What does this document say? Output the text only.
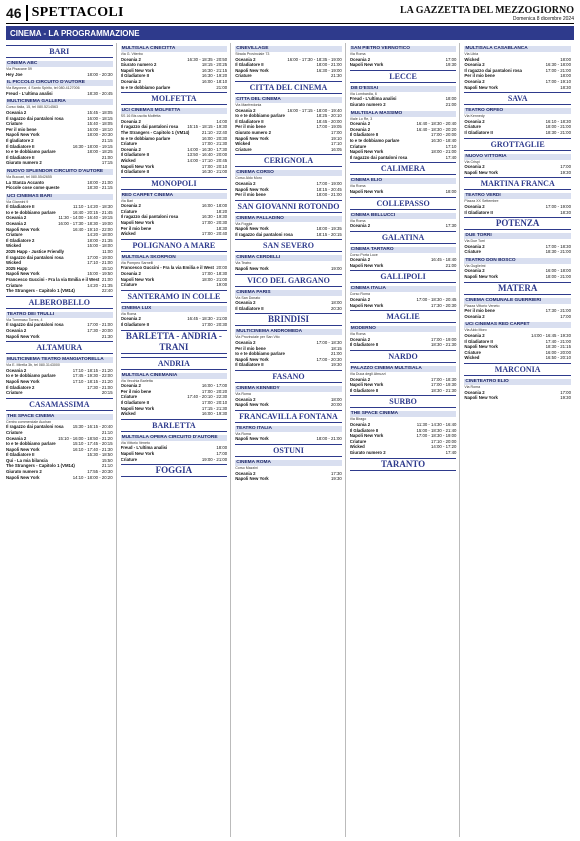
46 SPETTACOLI	LA GAZZETTA DEL MEZZOGIORNO
Domenica 8 dicembre 2024
CINEMA - LA PROGRAMMAZIONE
BARI
CINEMA ABC
Via Pisacane 59
Hey Joe	18:00 - 20:30
IL PICCOLO CIRCUITO D'AUTORE
Via Bayonne, 4 Santo Spirito, tel 080.4127006
Freud - L'ultima analisi	18:30 - 20:45
MULTICINEMA GALLERIA
Corso Italia, 15, tel 080.5214563
Oceania 2	15:45 - 18:05
Il ragazzo dai pantaloni rosa	16:00 - 18:15
Criature	15:40 - 18:05
Per il mio bene	16:00 - 18:10
Napoli New York	18:00 - 20:30
Il gladiatore 2	21:15
Il Gladiatore II	16:30 - 18:00 - 19:15
Io e te dobbiamo parlare	18:00 - 18:25
Il Gladiatore II	21:00
Giurato numero 2	17:15
NUOVO SPLENDOR CIRCUITO D'AUTORE
Via Buccari, tel 080.5542655
La Stanza Accanto	18:00 - 21:00
Piccole cose come queste	18:30 - 21:15
UCI CINEMAS BARI
Via Giannini 9
Il Gladiatore II	11:10 - 14:20 - 18:30
Io e te dobbiamo parlare	16:40 - 20:15 - 21:45
Oceania 2	11:30 - 14:00 - 16:40 - 19:15
Oceania 2	16:00 - 17:30 - 18:30 - 19:00
Napoli New York	16:40 - 19:10 - 22:00
Criature	14:20 - 18:00
Il Gladiatore 2	18:00 - 21:35
Wicked	15:00 - 18:00
2025 Happ - Justice Friendly	11:00
Il ragazzo dai pantaloni rosa	17:00 - 19:00
Wicked	17:10 - 21:00
2025 Happ	15:10
Napoli New York	15:00 - 19:50
Francesco Guccini - Fra la via Emilia e il West 21:00
Criature	14:20 - 21:35
The Strangers - Capitolo 1 (VM14)	22:40
ALBEROBELLO
TEATRO DEI TRULLI
Via Tommaso Torres, 4
Il ragazzo dai pantaloni rosa	17:00 - 21:00
Oceania 2	17:30 - 20:00
Napoli New York	21:30
ALTAMURA
MULTICINEMA TEATRO MANGIATORELLA
Via E. Mirella 3b, tel 080.3143000
Oceania 2	17:10 - 18:15 - 21:20
Io e te dobbiamo parlare	17:45 - 19:30 - 22:00
Napoli New York	17:10 - 18:15 - 21:20
Il Gladiatore 2	17:30 - 21:00
Criature	20:15
CASAMASSIMA
THE SPACE CINEMA
Centro commerciale Auchan
Il ragazzo dai pantaloni rosa 15:30 - 16:15 - 20:40
Criature	21:10
Oceania 2	15:10 - 16:00 - 18:50 - 21:20
Io e te dobbiamo parlare	15:10 - 17:45 - 20:15
Napoli New York	16:10 - 17:40 - 21:30
Il Gladiatore II	15:30 - 18:50
Qui - La mia bilancia	15:50
The Strangers - Capitolo 1 (VM14)	21:10
Giurato numero 2	17:55 - 20:30
Napoli New York	14:10 - 18:00 - 20:20
MULTISALA CINECITTA
Via G. Viterbo
Oceania 2	16:30 - 18:35 - 20:50
Giurato numero 2	18:15 - 20:25
Napoli New York	16:30 - 21:15
Il Gladiatore II	16:30 - 19:20
Oceania 2	16:00 - 18:10
Io e te dobbiamo parlare	21:00
MOLFETTA
UCI CINEMAS MOLFETTA
SS 16 Bis uscita Molfetta
Oceania 2	14:00
Il ragazzo dai pantaloni rosa 15:15 - 18:15 - 19:30
The Strangers - Capitolo 1 (VM14)	21:10 - 22:40
Io e te dobbiamo parlare	16:00 - 20:30
Criature	17:00 - 21:30
Oceania 2	14:00 - 16:30 - 17:30
Il Gladiatore II	13:50 - 16:40 - 20:00
Wicked	14:00 - 17:10 - 20:45
Napoli New York	17:00 - 20:10
Il Gladiatore II	16:30 - 21:00
MONOPOLI
RED CARPET CINEMA
Via Bari
Oceania 2	16:00 - 18:00
Criature	18:20
Il ragazzo dai pantaloni rosa	16:30 - 19:30
Napoli New York	17:00 - 20:30
Per il mio bene	18:30
Wicked	17:00 - 20:40
POLIGNANO A MARE
MULTISALA SKORPION
Via Pompeo Sarnelli
Francesco Guccini - Fra la via Emilia e il West 20:00
Oceania 2	17:00 - 18:30
Napoli New York	18:00 - 21:00
Criature	19:00
SANTERAMO IN COLLE
CINEMA LUX
Via Roma
Oceania 2	16:45 - 18:30 - 21:00
Il Gladiatore II	17:00 - 20:30
BARLETTA - ANDRIA - TRANI
ANDRIA
MULTISALA CINEMANIA
Via Vecchia Barletta
Oceania 2	16:00 - 17:00
Per il mio bene	17:00 - 20:20
Criature	17:40 - 20:10 - 22:30
Il Gladiatore II	17:00 - 20:10
Napoli New York	17:15 - 21:30
Wicked	16:00 - 19:30
BARLETTA
MULTISALA OPERA CIRCUITO D'AUTORE
Via Vittorio Veneto
Freud - L'ultima analisi	18:00
Napoli New York	17:00
Criature	19:00 - 21:00
FOGGIA
CINEVILLAGE
Strada Provinciale 73
Oceania 2	16:00 - 17:30 - 18:35 - 19:00
Il Gladiatore II	18:00 - 21:00
Napoli New York	16:30 - 19:00
Criature	21:30
CITTA DEL CINEMA
CITTA DEL CINEMA
Via Manfredonia
Oceania 2	16:00 - 17:15 - 18:00 - 19:40
Io e te dobbiamo parlare	18:25 - 20:10
Il Gladiatore II	18:45 - 20:00
Per il mio bene	17:00 - 19:05
Giurato numero 2	17:00
Napoli New York	19:10
Wicked	17:10
Criature	16:05
CERIGNOLA
CINEMA CORSO
Corso Aldo Moro
Oceania 2	17:00 - 19:00
Napoli New York	18:15 - 20:45
Per il mio bene	18:00 - 21:00
SAN GIOVANNI ROTONDO
CINEMA PALLADINO
Via Foggia
Napoli New York	18:00 - 19:35
Il ragazzo dai pantaloni rosa	18:15 - 20:15
SAN SEVERO
CINEMA CERDELLI
Via Teatro
Napoli New York	19:00
VICO DEL GARGANO
CINEMA PARIS
Via San Donato
Oceania 2	18:00
Il Gladiatore II	20:30
BRINDISI
MULTICINEMA ANDROMEDA
Via Provinciale per San Vito
Oceania 2	17:00 - 18:30
Per il mio bene	18:15
Io e te dobbiamo parlare	21:00
Napoli New York	17:00 - 20:30
Il Gladiatore II	19:30
FASANO
CINEMA KENNEDY
Via Roma
Oceania 2	18:00
Napoli New York	20:00
FRANCAVILLA FONTANA
TEATRO ITALIA
Via Roma
Napoli New York	18:00 - 21:00
OSTUNI
CINEMA ROMA
Corso Mazzini
Oceania 2	17:30
Napoli New York	19:30
SAN PIETRO VERNOTICO
Via Roma
Oceania 2	17:00
Napoli New York	19:30
LECCE
DB D'ESSAI
Via Lombardia, 6
Freud - L'ultima analisi	18:00
Giurato numero 2	21:00
MULTISALA MASSIMO
Viale Lo Re, 3
Oceania 2	16:40 - 18:30 - 20:40
Oceania 2	16:40 - 18:30 - 20:20
Il Gladiatore II	17:00 - 20:00
Io e te dobbiamo parlare	16:30 - 18:40
Criature	17:10
Napoli New York	18:00 - 21:00
Il ragazzo dai pantaloni rosa	17:40
CALIMERA
CINEMA ELIO
Via Roma
Napoli New York	18:00
COLLEPASSO
CINEMA BELLUCCI
Via Roma
Oceania 2	17:30
GALATINA
CINEMA TARTARO
Corso Porta Luce
Oceania 2	16:45 - 18:40
Napoli New York	21:00
GALLIPOLI
CINEMA ITALIA
Corso Roma
Oceania 2	17:00 - 18:30 - 20:45
Napoli New York	17:30 - 20:30
MAGLIE
MODERNO
Via Roma
Oceania 2	17:00 - 19:00
Il Gladiatore II	18:30 - 21:30
NARDO
PALAZZO CINEMA MULTISALA
Via Duca degli Abruzzi
Oceania 2	17:00 - 18:30
Napoli New York	17:00 - 19:30
Il Gladiatore II	18:30 - 21:30
SURBO
THE SPACE CINEMA
Via Birago
Oceania 2	11:30 - 14:30 - 16:40
Il Gladiatore II	15:00 - 18:30 - 21:40
Napoli New York	17:00 - 18:30 - 19:00
Criature	17:10 - 20:00
Wicked	14:00 - 17:20
Giurato numero 2	17:40
TARANTO
MULTISALA CASABLANCA
Via Libia
Wicked	18:00
Oceania 2	16:30 - 18:00
Il ragazzo dai pantaloni rosa	17:00 - 21:00
Per il mio bene	18:00
Oceania 2	17:00 - 19:10
Napoli New York	18:30
SAVA
TEATRO ORFEO
Via Kennedy
Oceania 2	16:10 - 18:30
Criature	18:00 - 21:00
Il Gladiatore II	18:30 - 21:00
GROTTAGLIE
NUOVO VITTORIA
Via Crispi
Oceania 2	17:00
Napoli New York	19:30
MARTINA FRANCA
TEATRO VERDI
Piazza XX Settembre
Oceania 2	17:00 - 19:00
Il Gladiatore II	18:30
POTENZA
DUE TORRI
Via Due Torri
Oceania 2	17:00 - 18:30
Criature	18:30 - 21:00
TEATRO DON BOSCO
Via Guglielmi
Oceania 2	16:00 - 18:00
Napoli New York	18:00 - 21:00
MATERA
CINEMA COMUNALE GUERRIERI
Piazza Vittorio Veneto
Per il mio bene	17:30 - 21:00
Oceania 2	17:00
UCI CINEMAS RED CARPET
Via Aldo Moro
Oceania 2	14:00 - 16:45 - 19:30
Il Gladiatore II	17:40 - 21:00
Napoli New York	18:30 - 21:15
Criature	16:00 - 20:00
Wicked	16:50 - 20:10
MARCONIA
CINETEATRO ELIO
Via Roma
Oceania 2	17:00
Napoli New York	19:30
